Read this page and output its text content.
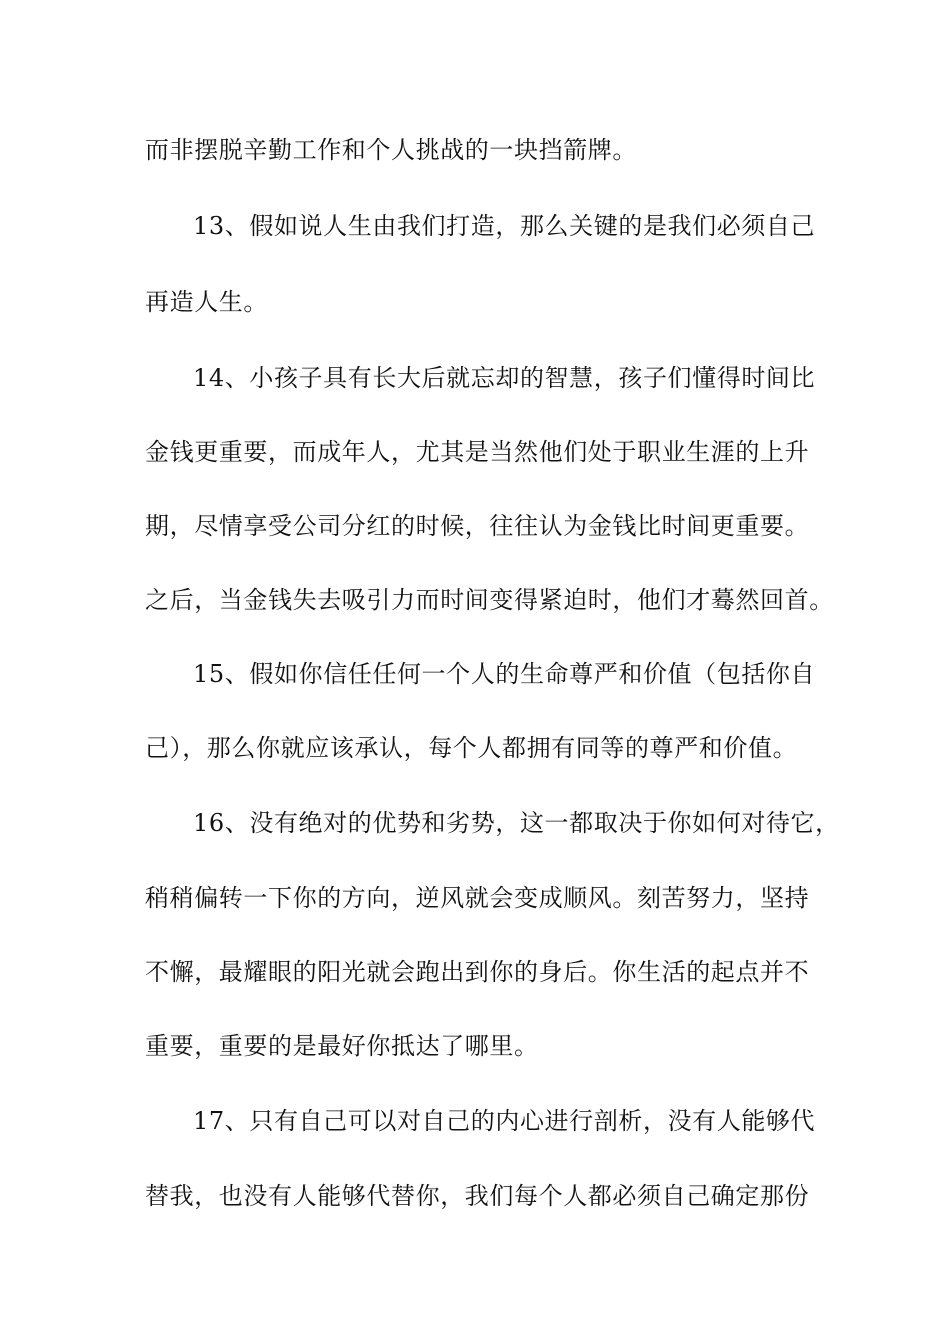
而非摆脱辛勤工作和个人挑战的一块挡箭牌。
13、假如说人生由我们打造，那么关键的是我们必须自己
再造人生。
14、小孩子具有长大后就忘却的智慧，孩子们懂得时间比
金钱更重要，而成年人，尤其是当然他们处于职业生涯的上升
期，尽情享受公司分红的时候，往往认为金钱比时间更重要。
之后，当金钱失去吸引力而时间变得紧迫时，他们才蓦然回首。
15、假如你信任任何一个人的生命尊严和价值（包括你自
己），那么你就应该承认，每个人都拥有同等的尊严和价值。
16、没有绝对的优势和劣势，这一都取决于你如何对待它，
稍稍偏转一下你的方向，逆风就会变成顺风。刻苦努力，坚持
不懈，最耀眼的阳光就会跑出到你的身后。你生活的起点并不
重要，重要的是最好你抵达了哪里。
17、只有自己可以对自己的内心进行剖析，没有人能够代
替我，也没有人能够代替你，我们每个人都必须自己确定那份
